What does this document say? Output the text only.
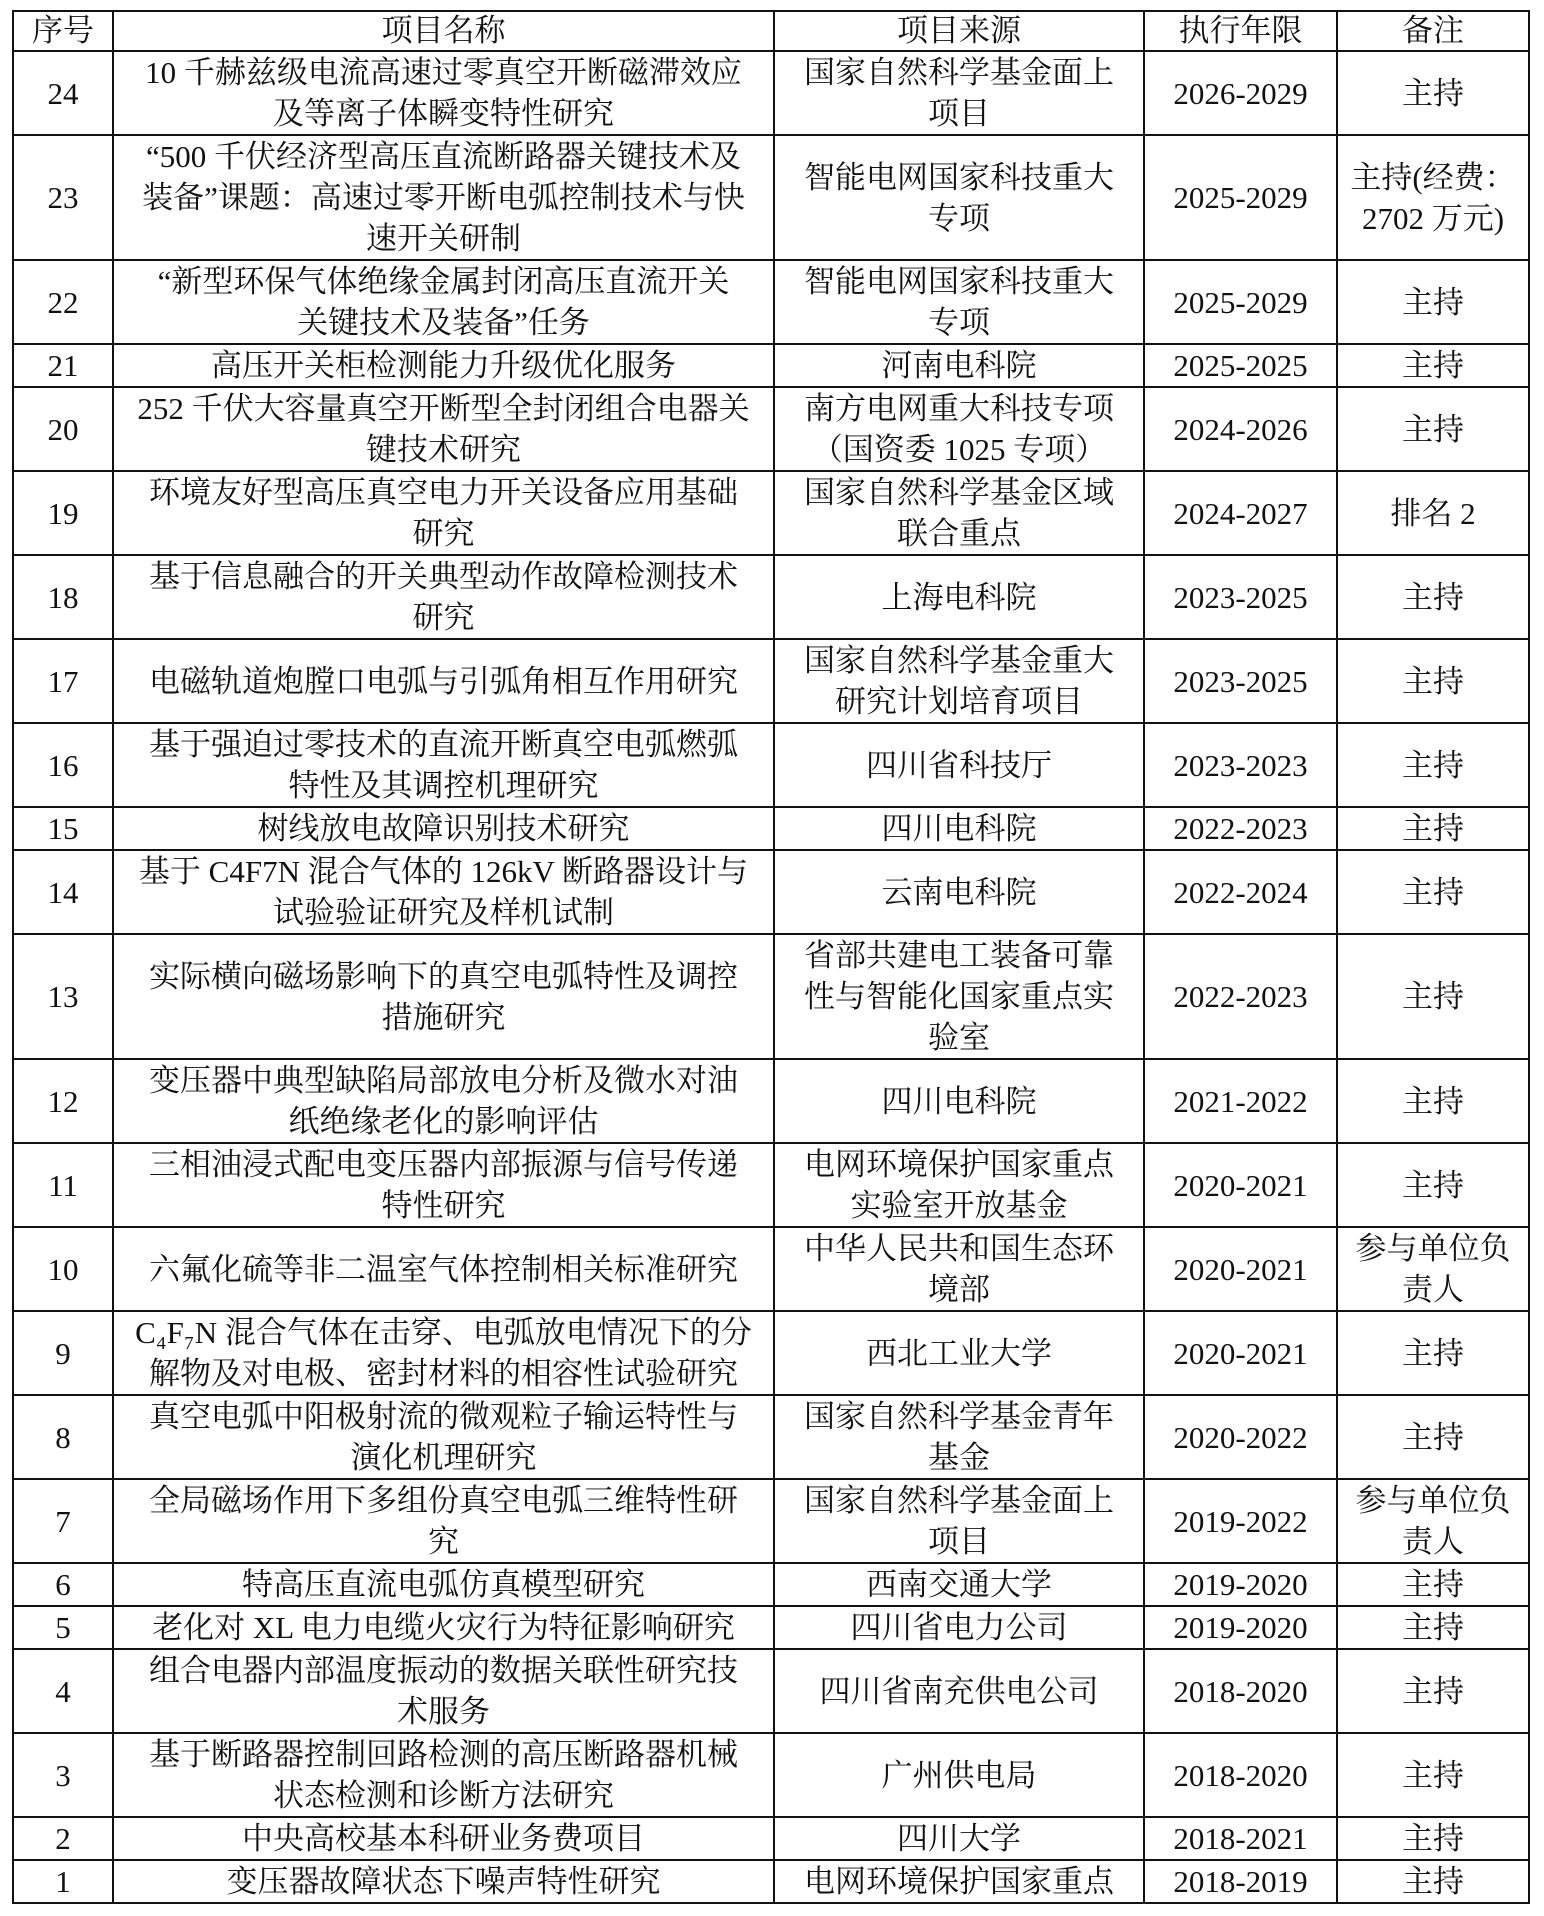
序号	项目名称	项目来源	执行年限	备注

24	10 千赫兹级电流高速过零真空开断磁滞效应
及等离子体瞬变特性研究	国家自然科学基金面上
项目	2026-2029	主持

23	“500 千伏经济型高压直流断路器关键技术及
装备”课题：高速过零开断电弧控制技术与快
速开关研制	智能电网国家科技重大
专项	2025-2029	主持(经费：
2702 万元)

22	“新型环保气体绝缘金属封闭高压直流开关
关键技术及装备”任务	智能电网国家科技重大
专项	2025-2029	主持

21	高压开关柜检测能力升级优化服务	河南电科院	2025-2025	主持

20	252 千伏大容量真空开断型全封闭组合电器关
键技术研究	南方电网重大科技专项
（国资委 1025 专项）	2024-2026	主持

19	环境友好型高压真空电力开关设备应用基础
研究	国家自然科学基金区域
联合重点	2024-2027	排名 2

18	基于信息融合的开关典型动作故障检测技术
研究	上海电科院	2023-2025	主持

17	电磁轨道炮膛口电弧与引弧角相互作用研究	国家自然科学基金重大
研究计划培育项目	2023-2025	主持

16	基于强迫过零技术的直流开断真空电弧燃弧
特性及其调控机理研究	四川省科技厅	2023-2023	主持

15	树线放电故障识别技术研究	四川电科院	2022-2023	主持

14	基于 C4F7N 混合气体的 126kV 断路器设计与
试验验证研究及样机试制	云南电科院	2022-2024	主持

13	实际横向磁场影响下的真空电弧特性及调控
措施研究	省部共建电工装备可靠
性与智能化国家重点实
验室	2022-2023	主持

12	变压器中典型缺陷局部放电分析及微水对油
纸绝缘老化的影响评估	四川电科院	2021-2022	主持

11	三相油浸式配电变压器内部振源与信号传递
特性研究	电网环境保护国家重点
实验室开放基金	2020-2021	主持

10	六氟化硫等非二温室气体控制相关标准研究	中华人民共和国生态环
境部	2020-2021	参与单位负
责人

9	C₄F₇N 混合气体在击穿、电弧放电情况下的分
解物及对电极、密封材料的相容性试验研究	西北工业大学	2020-2021	主持

8	真空电弧中阳极射流的微观粒子输运特性与
演化机理研究	国家自然科学基金青年
基金	2020-2022	主持

7	全局磁场作用下多组份真空电弧三维特性研
究	国家自然科学基金面上
项目	2019-2022	参与单位负
责人

6	特高压直流电弧仿真模型研究	西南交通大学	2019-2020	主持

5	老化对 XL 电力电缆火灾行为特征影响研究	四川省电力公司	2019-2020	主持

4	组合电器内部温度振动的数据关联性研究技
术服务	四川省南充供电公司	2018-2020	主持

3	基于断路器控制回路检测的高压断路器机械
状态检测和诊断方法研究	广州供电局	2018-2020	主持

2	中央高校基本科研业务费项目	四川大学	2018-2021	主持

1	变压器故障状态下噪声特性研究	电网环境保护国家重点	2018-2019	主持
